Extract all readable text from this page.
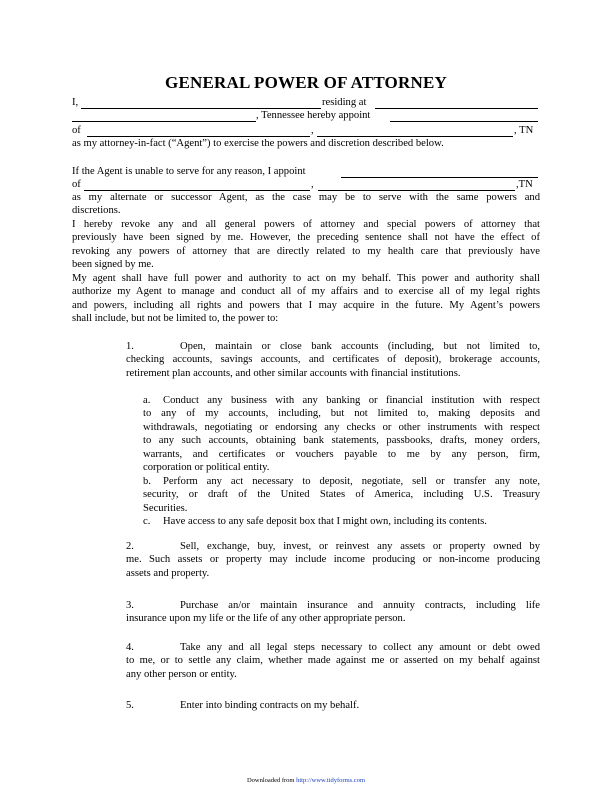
GENERAL POWER OF ATTORNEY
I,	residing at
, Tennessee hereby appoint
of	,	, TN
as my attorney-in-fact (“Agent”) to exercise the powers and discretion described below.
If the Agent is unable to serve for any reason, I appoint
of	,	,TN
as my alternate or successor Agent, as the case may be to serve with the same powers and
discretions.
I hereby revoke any and all general powers of attorney and special powers of attorney that
previously have been signed by me. However, the preceding sentence shall not have the effect of
revoking any powers of attorney that are directly related to my health care that previously have
been signed by me.
My agent shall have full power and authority to act on my behalf. This power and authority shall
authorize my Agent to manage and conduct all of my affairs and to exercise all of my legal rights
and powers, including all rights and powers that I may acquire in the future. My Agent’s powers
shall include, but not be limited to, the power to:
1.	Open, maintain or close bank accounts (including, but not limited to,
checking accounts, savings accounts, and certificates of deposit), brokerage accounts,
retirement plan accounts, and other similar accounts with financial institutions.
a. Conduct any business with any banking or financial institution with respect
to any of my accounts, including, but not limited to, making deposits and
withdrawals, negotiating or endorsing any checks or other instruments with respect
to any such accounts, obtaining bank statements, passbooks, drafts, money orders,
warrants, and certificates or vouchers payable to me by any person, firm,
corporation or political entity.
b. Perform any act necessary to deposit, negotiate, sell or transfer any note,
security, or draft of the United States of America, including U.S. Treasury
Securities.
c. Have access to any safe deposit box that I might own, including its contents.
2.	Sell, exchange, buy, invest, or reinvest any assets or property owned by
me. Such assets or property may include income producing or non-income producing
assets and property.
3.	Purchase an/or maintain insurance and annuity contracts, including life
insurance upon my life or the life of any other appropriate person.
4.	Take any and all legal steps necessary to collect any amount or debt owed
to me, or to settle any claim, whether made against me or asserted on my behalf against
any other person or entity.
5.	Enter into binding contracts on my behalf.
Downloaded from http://www.tidyforms.com
